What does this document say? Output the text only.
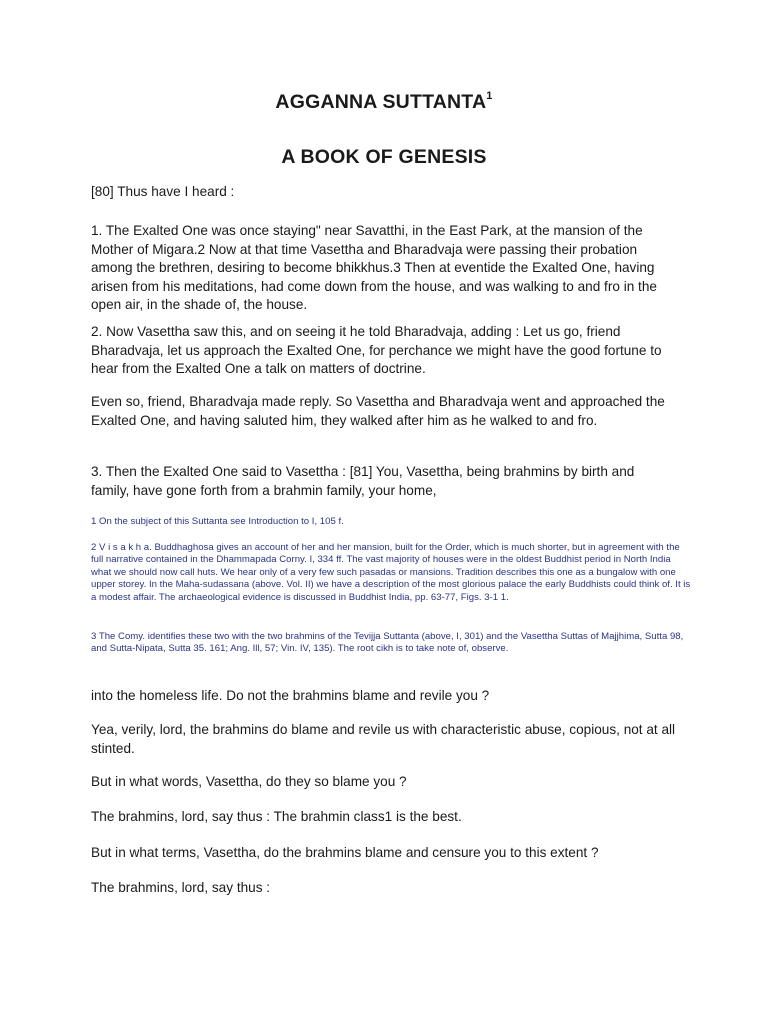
AGGANNA SUTTANTA$^1$
A BOOK OF GENESIS

[80] Thus have I heard :

1. The Exalted One was once staying" near Savatthi, in the East Park, at the mansion of the Mother of Migara.2 Now at that time Vasettha and Bharadvaja were passing their probation among the brethren, desiring to become bhikkhus.3 Then at eventide the Exalted One, having arisen from his meditations, had come down from the house, and was walking to and fro in the open air, in the shade of, the house.

2. Now Vasettha saw this, and on seeing it he told Bharadvaja, adding : Let us go, friend Bharadvaja, let us approach the Exalted One, for perchance we might have the good fortune to hear from the Exalted One a talk on matters of doctrine.

Even so, friend, Bharadvaja made reply. So Vasettha and Bharadvaja went and approached the Exalted One, and having saluted him, they walked after him as he walked to and fro.

3. Then the Exalted One said to Vasettha : [81] You, Vasettha, being brahmins by birth and family, have gone forth from a brahmin family, your home,

1 On the subject of this Suttanta see Introduction to I, 105 f.

2 V i s a k h a. Buddhaghosa gives an account of her and her mansion, built for the Order, which is much shorter, but in agreement with the full narrative contained in the Dhammapada Corny. I, 334 ff. The vast majority of houses were in the oldest Buddhist period in North India what we should now call huts. We hear only of a very few such pasadas or mansions. Tradition describes this one as a bungalow with one upper storey. In the Maha-sudassana (above. Vol. II) we have a description of the most glorious palace the early Buddhists could think of. It is a modest affair. The archaeological evidence is discussed in Buddhist India, pp. 63-77, Figs. 3-1 1.

3 The Comy. identifies these two with the two brahmins of the Tevijja Suttanta (above, I, 301) and the Vasettha Suttas of Majjhima, Sutta 98, and Sutta-Nipata, Sutta 35. 161; Ang. Ill, 57; Vin. IV, 135). The root cikh is to take note of, observe.

into the homeless life. Do not the brahmins blame and revile you ?

Yea, verily, lord, the brahmins do blame and revile us with characteristic abuse, copious, not at all stinted.

But in what words, Vasettha, do they so blame you ?

The brahmins, lord, say thus : The brahmin class1 is the best.

But in what terms, Vasettha, do the brahmins blame and censure you to this extent ?

The brahmins, lord, say thus :
